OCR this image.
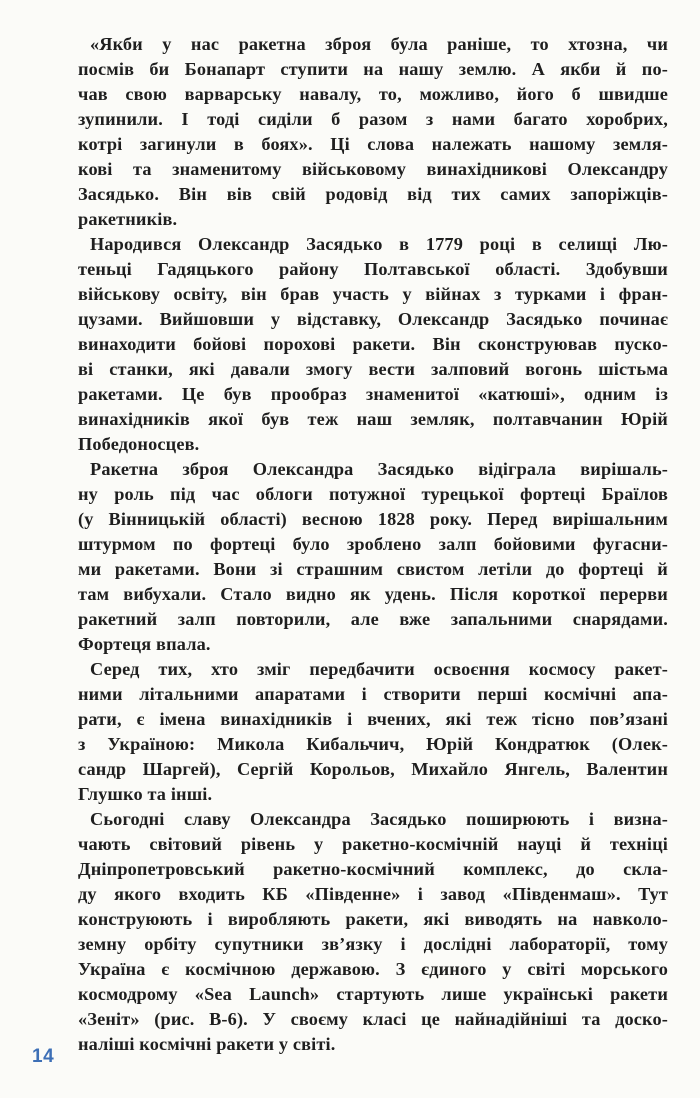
«Якби у нас ракетна зброя була раніше, то хтозна, чи
посмів би Бонапарт ступити на нашу землю. А якби й по-
чав свою варварську навалу, то, можливо, його б швидше
зупинили. І тоді сиділи б разом з нами багато хоробрих,
котрі загинули в боях». Ці слова належать нашому земля-
кові та знаменитому військовому винахідникові Олександру
Засядько. Він вів свій родовід від тих самих запоріжців-
ракетників.

Народився Олександр Засядько в 1779 році в селищі Лю-
теньці Гадяцького району Полтавської області. Здобувши
військову освіту, він брав участь у війнах з турками і фран-
цузами. Вийшовши у відставку, Олександр Засядько починає
винаходити бойові порохові ракети. Він сконструював пуско-
ві станки, які давали змогу вести залповий вогонь шістьма
ракетами. Це був прообраз знаменитої «катюші», одним із
винахідників якої був теж наш земляк, полтавчанин Юрій
Победоносцев.

Ракетна зброя Олександра Засядько відіграла вирішаль-
ну роль під час облоги потужної турецької фортеці Браїлов
(у Вінницькій області) весною 1828 року. Перед вирішальним
штурмом по фортеці було зроблено залп бойовими фугасни-
ми ракетами. Вони зі страшним свистом летіли до фортеці й
там вибухали. Стало видно як удень. Після короткої перерви
ракетний залп повторили, але вже запальними снарядами.
Фортеця впала.

Серед тих, хто зміг передбачити освоєння космосу ракет-
ними літальними апаратами і створити перші космічні апа-
рати, є імена винахідників і вчених, які теж тісно пов’язані
з Україною: Микола Кибальчич, Юрій Кондратюк (Олек-
сандр Шаргей), Сергій Корольов, Михайло Янгель, Валентин
Глушко та інші.

Сьогодні славу Олександра Засядько поширюють і визна-
чають світовий рівень у ракетно-космічній науці й техніці
Дніпропетровський ракетно-космічний комплекс, до скла-
ду якого входить КБ «Південне» і завод «Південмаш». Тут
конструюють і виробляють ракети, які виводять на навколо-
земну орбіту супутники зв’язку і дослідні лабораторії, тому
Україна є космічною державою. З єдиного у світі морського
космодрому «Sea Launch» стартують лише українські ракети
«Зеніт» (рис. В-6). У своєму класі це найнадійніші та доско-
наліші космічні ракети у світі.

14
